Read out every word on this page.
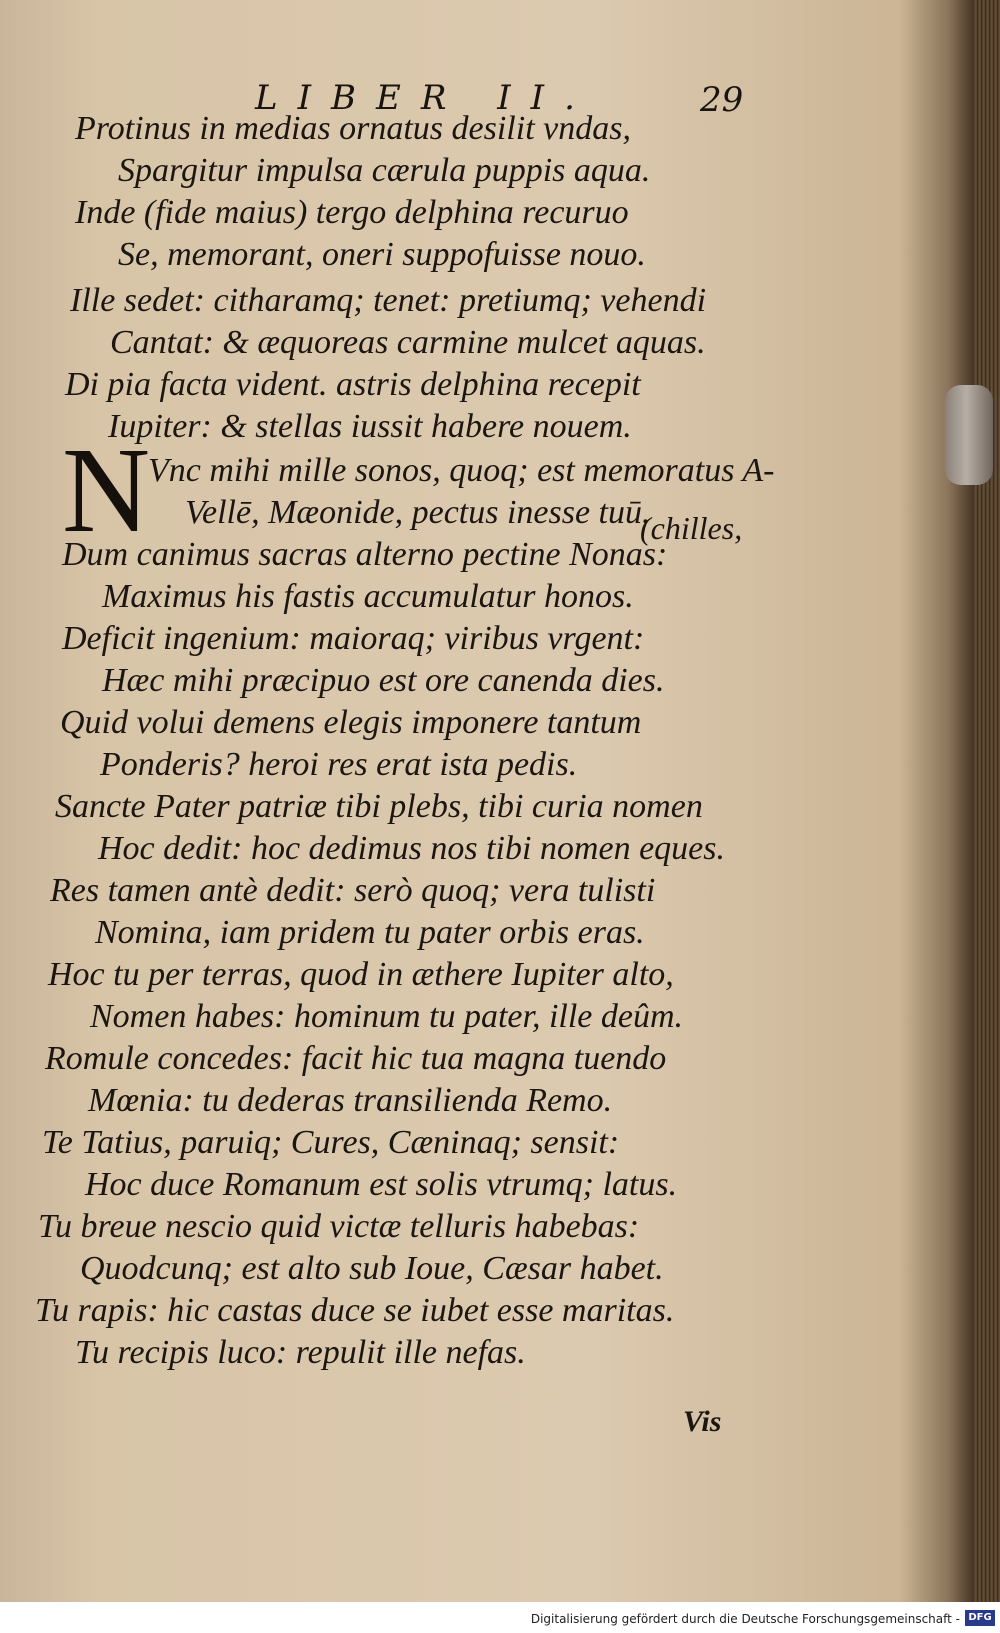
LIBER II.	29
N
Protinus in medias ornatus desilit vndas,
Spargitur impulsa cærula puppis aqua.
Inde (fide maius) tergo delphina recuruo
Se, memorant, oneri suppofuisse nouo.
Ille sedet: citharamq; tenet: pretiumq; vehendi
Cantat: & æquoreas carmine mulcet aquas.
Di pia facta vident. astris delphina recepit
Iupiter: & stellas iussit habere nouem.
Vnc mihi mille sonos, quoq; est memoratus A-
Vellē, Mæonide, pectus inesse tuū.
Dum canimus sacras alterno pectine Nonas:
Maximus his fastis accumulatur honos.
Deficit ingenium: maioraq; viribus vrgent:
Hæc mihi præcipuo est ore canenda dies.
Quid volui demens elegis imponere tantum
Ponderis? heroi res erat ista pedis.
Sancte Pater patriæ tibi plebs, tibi curia nomen
Hoc dedit: hoc dedimus nos tibi nomen eques.
Res tamen antè dedit: serò quoq; vera tulisti
Nomina, iam pridem tu pater orbis eras.
Hoc tu per terras, quod in æthere Iupiter alto,
Nomen habes: hominum tu pater, ille deûm.
Romule concedes: facit hic tua magna tuendo
Mœnia: tu dederas transilienda Remo.
Te Tatius, paruiq; Cures, Cæninaq; sensit:
Hoc duce Romanum est solis vtrumq; latus.
Tu breue nescio quid victæ telluris habebas:
Quodcunq; est alto sub Ioue, Cæsar habet.
Tu rapis: hic castas duce se iubet esse maritas.
Tu recipis luco: repulit ille nefas.
(chilles,
Vis
Digitalisierung gefördert durch die Deutsche Forschungsgemeinschaft - DFG
